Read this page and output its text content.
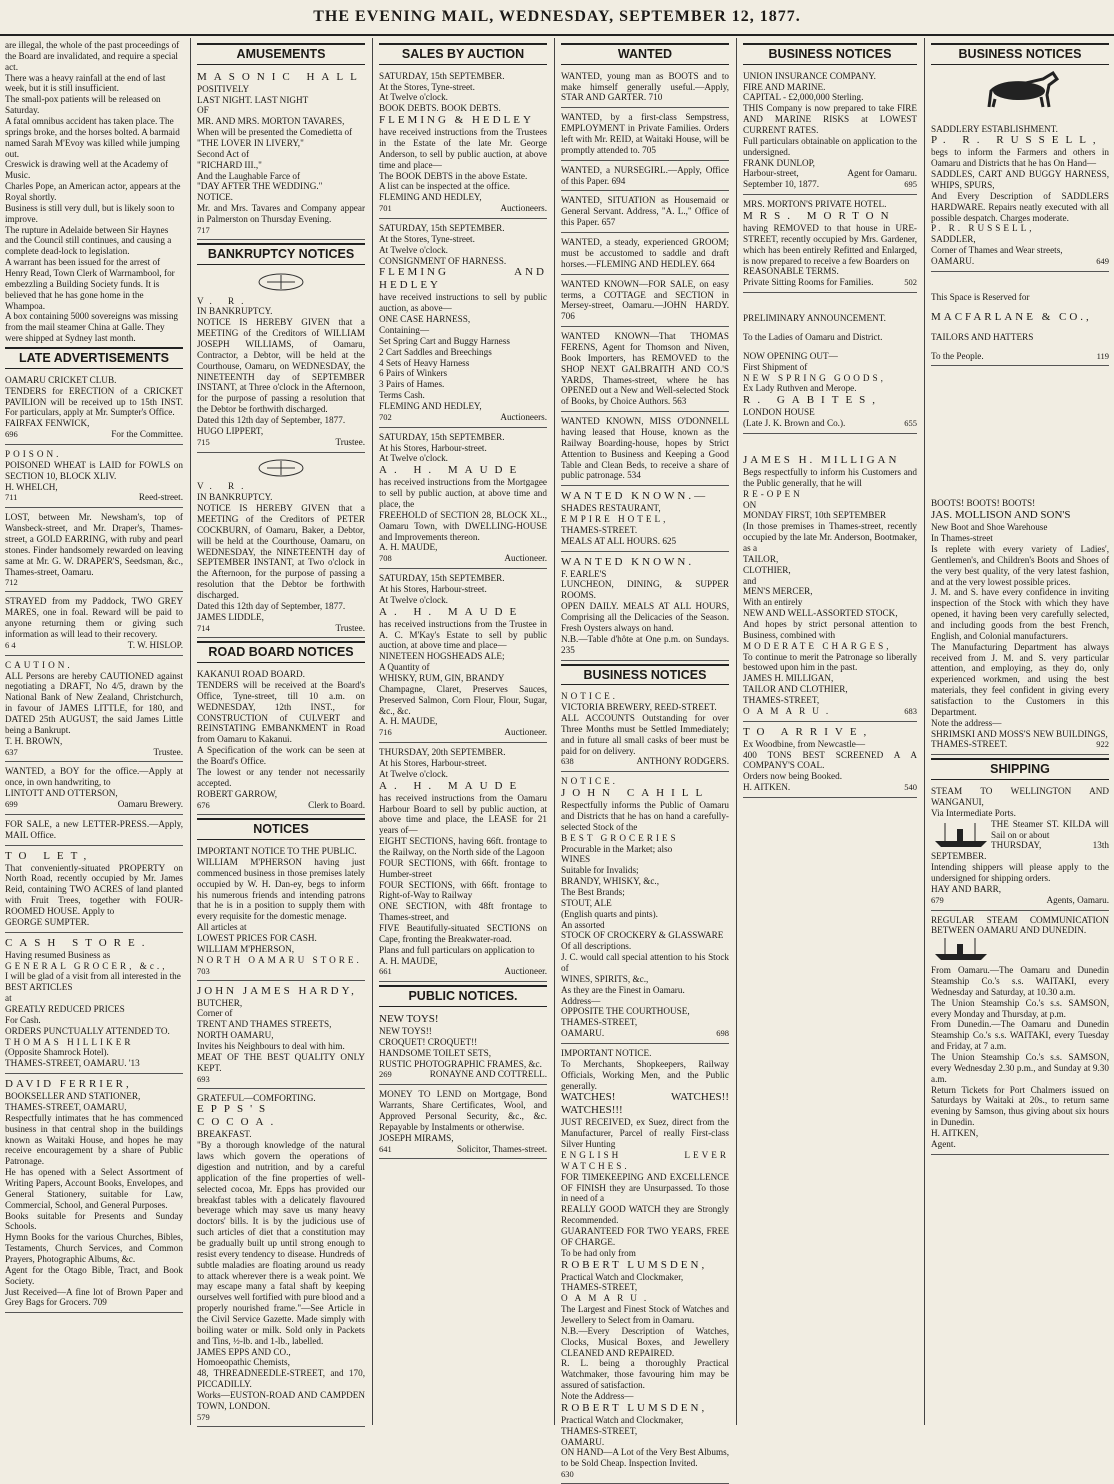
THE EVENING MAIL, WEDNESDAY, SEPTEMBER 12, 1877.

are illegal, the whole of the past proceedings of the Board are invalidated, and require a special act.

There was a heavy rainfall at the end of last week, but it is still insufficient.

The small-pox patients will be released on Saturday.

A fatal omnibus accident has taken place. The springs broke, and the horses bolted. A barmaid named Sarah M'Evoy was killed while jumping out.

Creswick is drawing well at the Academy of Music.

Charles Pope, an American actor, appears at the Royal shortly.

Business is still very dull, but is likely soon to improve.

The rupture in Adelaide between Sir Haynes and the Council still continues, and causing a complete dead-lock to legislation.

A warrant has been issued for the arrest of Henry Read, Town Clerk of Warrnambool, for embezzling a Building Society funds. It is believed that he has gone home in the Whampoa.

A box containing 5000 sovereigns was missing from the mail steamer China at Galle. They were shipped at Sydney last month.

LATE ADVERTISEMENTS

OAMARU CRICKET CLUB.

TENDERS for ERECTION of a CRICKET PAVILION will be received up to 15th INST. For particulars, apply at Mr. Sumpter's Office.

FAIRFAX FENWICK,

696	For the Committee.

POISON.

POISONED WHEAT is LAID for FOWLS on SECTION 10, BLOCK XLIV.

H. WHELCH,

711	Reed-street.

LOST, between Mr. Newsham's, top of Wansbeck-street, and Mr. Draper's, Thames-street, a GOLD EARRING, with ruby and pearl stones. Finder handsomely rewarded on leaving same at Mr. G. W. DRAPER'S, Seedsman, &c., Thames-street, Oamaru.

712

STRAYED from my Paddock, TWO GREY MARES, one in foal. Reward will be paid to anyone returning them or giving such information as will lead to their recovery.

6 4	T. W. HISLOP.

CAUTION.

ALL Persons are hereby CAUTIONED against negotiating a DRAFT, No 4/5, drawn by the National Bank of New Zealand, Christchurch, in favour of JAMES LITTLE, for 180, and DATED 25th AUGUST, the said James Little being a Bankrupt.

T. H. BROWN,

637	Trustee.

WANTED, a BOY for the office.—Apply at once, in own handwriting, to

LINTOTT AND OTTERSON,

699	Oamaru Brewery.

FOR SALE, a new LETTER-PRESS.—Apply, MAIL Office.

TO LET,

That conveniently-situated PROPERTY on North Road, recently occupied by Mr. James Reid, containing TWO ACRES of land planted with Fruit Trees, together with FOUR-ROOMED HOUSE. Apply to

GEORGE SUMPTER.

CASH STORE.

Having resumed Business as

GENERAL GROCER, &c.,

I will be glad of a visit from all interested in the

BEST ARTICLES

at

GREATLY REDUCED PRICES

For Cash.

ORDERS PUNCTUALLY ATTENDED TO.

THOMAS HILLIKER

(Opposite Shamrock Hotel).

THAMES-STREET, OAMARU. '13

DAVID FERRIER,

BOOKSELLER AND STATIONER,

THAMES-STREET, OAMARU,

Respectfully intimates that he has commenced business in that central shop in the buildings known as Waitaki House, and hopes he may receive encouragement by a share of Public Patronage.

He has opened with a Select Assortment of Writing Papers, Account Books, Envelopes, and General Stationery, suitable for Law, Commercial, School, and General Purposes.

Books suitable for Presents and Sunday Schools.

Hymn Books for the various Churches, Bibles, Testaments, Church Services, and Common Prayers, Photographic Albums, &c.

Agent for the Otago Bible, Tract, and Book Society.

Just Received—A fine lot of Brown Paper and Grey Bags for Grocers. 709

AMUSEMENTS

MASONIC HALL

POSITIVELY

LAST NIGHT. LAST NIGHT

OF

MR. AND MRS. MORTON TAVARES,

When will be presented the Comedietta of

"THE LOVER IN LIVERY,"

Second Act of

"RICHARD III.,"

And the Laughable Farce of

"DAY AFTER THE WEDDING."

NOTICE.

Mr. and Mrs. Tavares and Company appear in Palmerston on Thursday Evening.

717

BANKRUPTCY NOTICES

V. R.

IN BANKRUPTCY.

NOTICE IS HEREBY GIVEN that a MEETING of the Creditors of WILLIAM JOSEPH WILLIAMS, of Oamaru, Contractor, a Debtor, will be held at the Courthouse, Oamaru, on WEDNESDAY, the NINETEENTH day of SEPTEMBER INSTANT, at Three o'clock in the Afternoon, for the purpose of passing a resolution that the Debtor be forthwith discharged.

Dated this 12th day of September, 1877.

HUGO LIPPERT,

715	Trustee.

V. R.

IN BANKRUPTCY.

NOTICE IS HEREBY GIVEN that a MEETING of the Creditors of PETER COCKBURN, of Oamaru, Baker, a Debtor, will be held at the Courthouse, Oamaru, on WEDNESDAY, the NINETEENTH day of SEPTEMBER INSTANT, at Two o'clock in the Afternoon, for the purpose of passing a resolution that the Debtor be forthwith discharged.

Dated this 12th day of September, 1877.

JAMES LIDDLE,

714	Trustee.
ROAD BOARD NOTICES

KAKANUI ROAD BOARD.

TENDERS will be received at the Board's Office, Tyne-street, till 10 a.m. on WEDNESDAY, 12th INST., for CONSTRUCTION of CULVERT and REINSTATING EMBANKMENT in Road from Oamaru to Kakanui.

A Specification of the work can be seen at the Board's Office.

The lowest or any tender not necessarily accepted.

ROBERT GARROW,

676	Clerk to Board.
NOTICES

IMPORTANT NOTICE TO THE PUBLIC.

WILLIAM M'PHERSON having just commenced business in those premises lately occupied by W. H. Dan-ey, begs to inform his numerous friends and intending patrons that he is in a position to supply them with every requisite for the domestic menage.

All articles at

LOWEST PRICES FOR CASH.

WILLIAM M'PHERSON,

NORTH OAMARU STORE.

703

JOHN JAMES HARDY,

BUTCHER,

Corner of

TRENT AND THAMES STREETS,

NORTH OAMARU,

Invites his Neighbours to deal with him.

MEAT OF THE BEST QUALITY ONLY KEPT.

693

GRATEFUL—COMFORTING.

EPPS'S COCOA.

BREAKFAST.

"By a thorough knowledge of the natural laws which govern the operations of digestion and nutrition, and by a careful application of the fine properties of well-selected cocoa, Mr. Epps has provided our breakfast tables with a delicately flavoured beverage which may save us many heavy doctors' bills. It is by the judicious use of such articles of diet that a constitution may be gradually built up until strong enough to resist every tendency to disease. Hundreds of subtle maladies are floating around us ready to attack wherever there is a weak point. We may escape many a fatal shaft by keeping ourselves well fortified with pure blood and a properly nourished frame."—See Article in the Civil Service Gazette. Made simply with boiling water or milk. Sold only in Packets and Tins, ½-lb. and 1-lb., labelled.

JAMES EPPS AND CO.,

Homoeopathic Chemists,

48, THREADNEEDLE-STREET, and 170, PICCADILLY.

Works—EUSTON-ROAD AND CAMPDEN TOWN, LONDON.

579

SALES BY AUCTION

SATURDAY, 15th SEPTEMBER.

At the Stores, Tyne-street.

At Twelve o'clock.

BOOK DEBTS. BOOK DEBTS.

FLEMING & HEDLEY

have received instructions from the Trustees in the Estate of the late Mr. George Anderson, to sell by public auction, at above time and place—

The BOOK DEBTS in the above Estate.

A list can be inspected at the office.

FLEMING AND HEDLEY,

701	Auctioneers.

SATURDAY, 15th SEPTEMBER.

At the Stores, Tyne-street.

At Twelve o'clock.

CONSIGNMENT OF HARNESS.

FLEMING AND HEDLEY

have received instructions to sell by public auction, as above—

ONE CASE HARNESS,

Containing—

Set Spring Cart and Buggy Harness

2 Cart Saddles and Breechings

4 Sets of Heavy Harness

6 Pairs of Winkers

3 Pairs of Hames.

Terms Cash.

FLEMING AND HEDLEY,

702	Auctioneers.

SATURDAY, 15th SEPTEMBER.

At his Stores, Harbour-street.

At Twelve o'clock.

A. H. MAUDE

has received instructions from the Mortgagee to sell by public auction, at above time and place, the

FREEHOLD of SECTION 28, BLOCK XL., Oamaru Town, with DWELLING-HOUSE and Improvements thereon.

A. H. MAUDE,

708	Auctioneer.

SATURDAY, 15th SEPTEMBER.

At his Stores, Harbour-street.

At Twelve o'clock.

A. H. MAUDE

has received instructions from the Trustee in A. C. M'Kay's Estate to sell by public auction, at above time and place—

NINETEEN HOGSHEADS ALE;

A Quantity of

WHISKY, RUM, GIN, BRANDY

Champagne, Claret, Preserves Sauces, Preserved Salmon, Corn Flour, Flour, Sugar, &c., &c.

A. H. MAUDE,

716	Auctioneer.

THURSDAY, 20th SEPTEMBER.

At his Stores, Harbour-street.

At Twelve o'clock.

A. H. MAUDE

has received instructions from the Oamaru Harbour Board to sell by public auction, at above time and place, the LEASE for 21 years of—

EIGHT SECTIONS, having 66ft. frontage to the Railway, on the North side of the Lagoon

FOUR SECTIONS, with 66ft. frontage to Humber-street

FOUR SECTIONS, with 66ft. frontage to Right-of-Way to Railway

ONE SECTION, with 48ft frontage to Thames-street, and

FIVE Beautifully-situated SECTIONS on Cape, fronting the Breakwater-road.

Plans and full particulars on application to

A. H. MAUDE,

661	Auctioneer.
PUBLIC NOTICES.

NEW TOYS!

NEW TOYS!!

CROQUET! CROQUET!!

HANDSOME TOILET SETS,

RUSTIC PHOTOGRAPHIC FRAMES, &c.

269	RONAYNE AND COTTRELL.

MONEY TO LEND on Mortgage, Bond Warrants, Share Certificates, Wool, and Approved Personal Security, &c., &c. Repayable by Instalments or otherwise.

JOSEPH MIRAMS,

641	Solicitor, Thames-street.
WANTED

WANTED, young man as BOOTS and to make himself generally useful.—Apply, STAR AND GARTER. 710

WANTED, by a first-class Sempstress, EMPLOYMENT in Private Families. Orders left with Mr. REID, at Waitaki House, will be promptly attended to. 705

WANTED, a NURSEGIRL.—Apply, Office of this Paper. 694

WANTED, SITUATION as Housemaid or General Servant. Address, "A. L.," Office of this Paper. 657

WANTED, a steady, experienced GROOM; must be accustomed to saddle and draft horses.—FLEMING AND HEDLEY. 664

WANTED KNOWN—FOR SALE, on easy terms, a COTTAGE and SECTION in Mersey-street, Oamaru.—JOHN HARDY. 706

WANTED KNOWN—That THOMAS FERENS, Agent for Thomson and Niven, Book Importers, has REMOVED to the SHOP NEXT GALBRAITH AND CO.'S YARDS, Thames-street, where he has OPENED out a New and Well-selected Stock of Books, by Choice Authors. 563

WANTED KNOWN, MISS O'DONNELL having leased that House, known as the Railway Boarding-house, hopes by Strict Attention to Business and Keeping a Good Table and Clean Beds, to receive a share of public patronage. 534

WANTED KNOWN.—

SHADES RESTAURANT,

EMPIRE HOTEL,

THAMES-STREET.

MEALS AT ALL HOURS. 625

WANTED KNOWN.

F. EARLE'S

LUNCHEON, DINING, & SUPPER ROOMS.

OPEN DAILY. MEALS AT ALL HOURS, Comprising all the Delicacies of the Season. Fresh Oysters always on hand.

N.B.—Table d'hôte at One p.m. on Sundays. 235

BUSINESS NOTICES

NOTICE.

VICTORIA BREWERY, REED-STREET.

ALL ACCOUNTS Outstanding for over Three Months must be Settled Immediately; and in future all small casks of beer must be paid for on delivery.

638	ANTHONY RODGERS.

NOTICE.

JOHN CAHILL

Respectfully informs the Public of Oamaru and Districts that he has on hand a carefully-selected Stock of the

BEST GROCERIES

Procurable in the Market; also

WINES

Suitable for Invalids;

BRANDY, WHISKY, &c.,

The Best Brands;

STOUT, ALE

(English quarts and pints).

An assorted

STOCK OF CROCKERY & GLASSWARE

Of all descriptions.

J. C. would call special attention to his Stock of

WINES, SPIRITS, &c.,

As they are the Finest in Oamaru.

Address—

OPPOSITE THE COURTHOUSE,

THAMES-STREET,

OAMARU.	698

IMPORTANT NOTICE.

To Merchants, Shopkeepers, Railway Officials, Working Men, and the Public generally.

WATCHES! WATCHES!! WATCHES!!!

JUST RECEIVED, ex Suez, direct from the Manufacturer, Parcel of really First-class Silver Hunting

ENGLISH LEVER WATCHES.

FOR TIMEKEEPING AND EXCELLENCE OF FINISH they are Unsurpassed. To those in need of a

REALLY GOOD WATCH they are Strongly Recommended.

GUARANTEED FOR TWO YEARS, FREE OF CHARGE.

To be had only from

ROBERT LUMSDEN,

Practical Watch and Clockmaker,

THAMES-STREET,

OAMARU.

The Largest and Finest Stock of Watches and Jewellery to Select from in Oamaru.

N.B.—Every Description of Watches, Clocks, Musical Boxes, and Jewellery CLEANED AND REPAIRED.

R. L. being a thoroughly Practical Watchmaker, those favouring him may be assured of satisfaction.

Note the Address—

ROBERT LUMSDEN,

Practical Watch and Clockmaker,

THAMES-STREET,

OAMARU.

ON HAND—A Lot of the Very Best Albums, to be Sold Cheap. Inspection Invited.

630

BUSINESS NOTICES

UNION INSURANCE COMPANY.

FIRE AND MARINE.

CAPITAL - £2,000,000 Sterling.

THIS Company is now prepared to take FIRE AND MARINE RISKS at LOWEST CURRENT RATES.

Full particulars obtainable on application to the undersigned.

FRANK DUNLOP,

Harbour-street,	Agent for Oamaru.
September 10, 1877.	695

MRS. MORTON'S PRIVATE HOTEL.

MRS. MORTON

having REMOVED to that house in URE-STREET, recently occupied by Mrs. Gardener, which has been entirely Refitted and Enlarged, is now prepared to receive a few Boarders on

REASONABLE TERMS.

Private Sitting Rooms for Families.	502

PRELIMINARY ANNOUNCEMENT.

To the Ladies of Oamaru and District.

NOW OPENING OUT—

First Shipment of

NEW SPRING GOODS,

Ex Lady Ruthven and Merope.

R. GABITES,

LONDON HOUSE

(Late J. K. Brown and Co.).	655

JAMES H. MILLIGAN

Begs respectfully to inform his Customers and the Public generally, that he will

RE-OPEN

ON

MONDAY FIRST, 10th SEPTEMBER

(In those premises in Thames-street, recently occupied by the late Mr. Anderson, Bootmaker, as a

TAILOR,

CLOTHIER,

and

MEN'S MERCER,

With an entirely

NEW AND WELL-ASSORTED STOCK,

And hopes by strict personal attention to Business, combined with

MODERATE CHARGES,

To continue to merit the Patronage so liberally bestowed upon him in the past.

JAMES H. MILLIGAN,

TAILOR AND CLOTHIER,

THAMES-STREET,

OAMARU.	683

TO ARRIVE,

Ex Woodbine, from Newcastle—

400 TONS BEST SCREENED A A COMPANY'S COAL.

Orders now being Booked.

H. AITKEN.	540
BUSINESS NOTICES

SADDLERY ESTABLISHMENT.

P. R. RUSSELL,

begs to inform the Farmers and others in Oamaru and Districts that he has On Hand—

SADDLES, CART AND BUGGY HARNESS, WHIPS, SPURS,

And Every Description of SADDLERS HARDWARE. Repairs neatly executed with all possible despatch. Charges moderate.

P. R. RUSSELL,

SADDLER,

Corner of Thames and Wear streets,

OAMARU.	649

This Space is Reserved for

MACFARLANE & CO.,

TAILORS AND HATTERS

To the People.	119

BOOTS! BOOTS! BOOTS!

JAS. MOLLISON AND SON'S

New Boot and Shoe Warehouse

In Thames-street

Is replete with every variety of Ladies', Gentlemen's, and Children's Boots and Shoes of the very best quality, of the very latest fashion, and at the very lowest possible prices.

J. M. and S. have every confidence in inviting inspection of the Stock with which they have opened, it having been very carefully selected, and including goods from the best French, English, and Colonial manufacturers.

The Manufacturing Department has always received from J. M. and S. very particular attention, and employing, as they do, only experienced workmen, and using the best materials, they feel confident in giving every satisfaction to the Customers in this Department.

Note the address—

SHRIMSKI AND MOSS'S NEW BUILDINGS,

THAMES-STREET.	922
SHIPPING

STEAM TO WELLINGTON AND WANGANUI,

Via Intermediate Ports.

THE Steamer ST. KILDA will Sail on or about

THURSDAY, 13th SEPTEMBER.

Intending shippers will please apply to the undersigned for shipping orders.

HAY AND BARR,

679	Agents, Oamaru.

REGULAR STEAM COMMUNICATION BETWEEN OAMARU AND DUNEDIN.

From Oamaru.—The Oamaru and Dunedin Steamship Co.'s s.s. WAITAKI, every Wednesday and Saturday, at 10.30 a.m.

The Union Steamship Co.'s s.s. SAMSON, every Monday and Thursday, at p.m.

From Dunedin.—The Oamaru and Dunedin Steamship Co.'s s.s. WAITAKI, every Tuesday and Friday, at 7 a.m.

The Union Steamship Co.'s s.s. SAMSON, every Wednesday 2.30 p.m., and Sunday at 9.30 a.m.

Return Tickets for Port Chalmers issued on Saturdays by Waitaki at 20s., to return same evening by Samson, thus giving about six hours in Dunedin.

H. AITKEN,

Agent.
